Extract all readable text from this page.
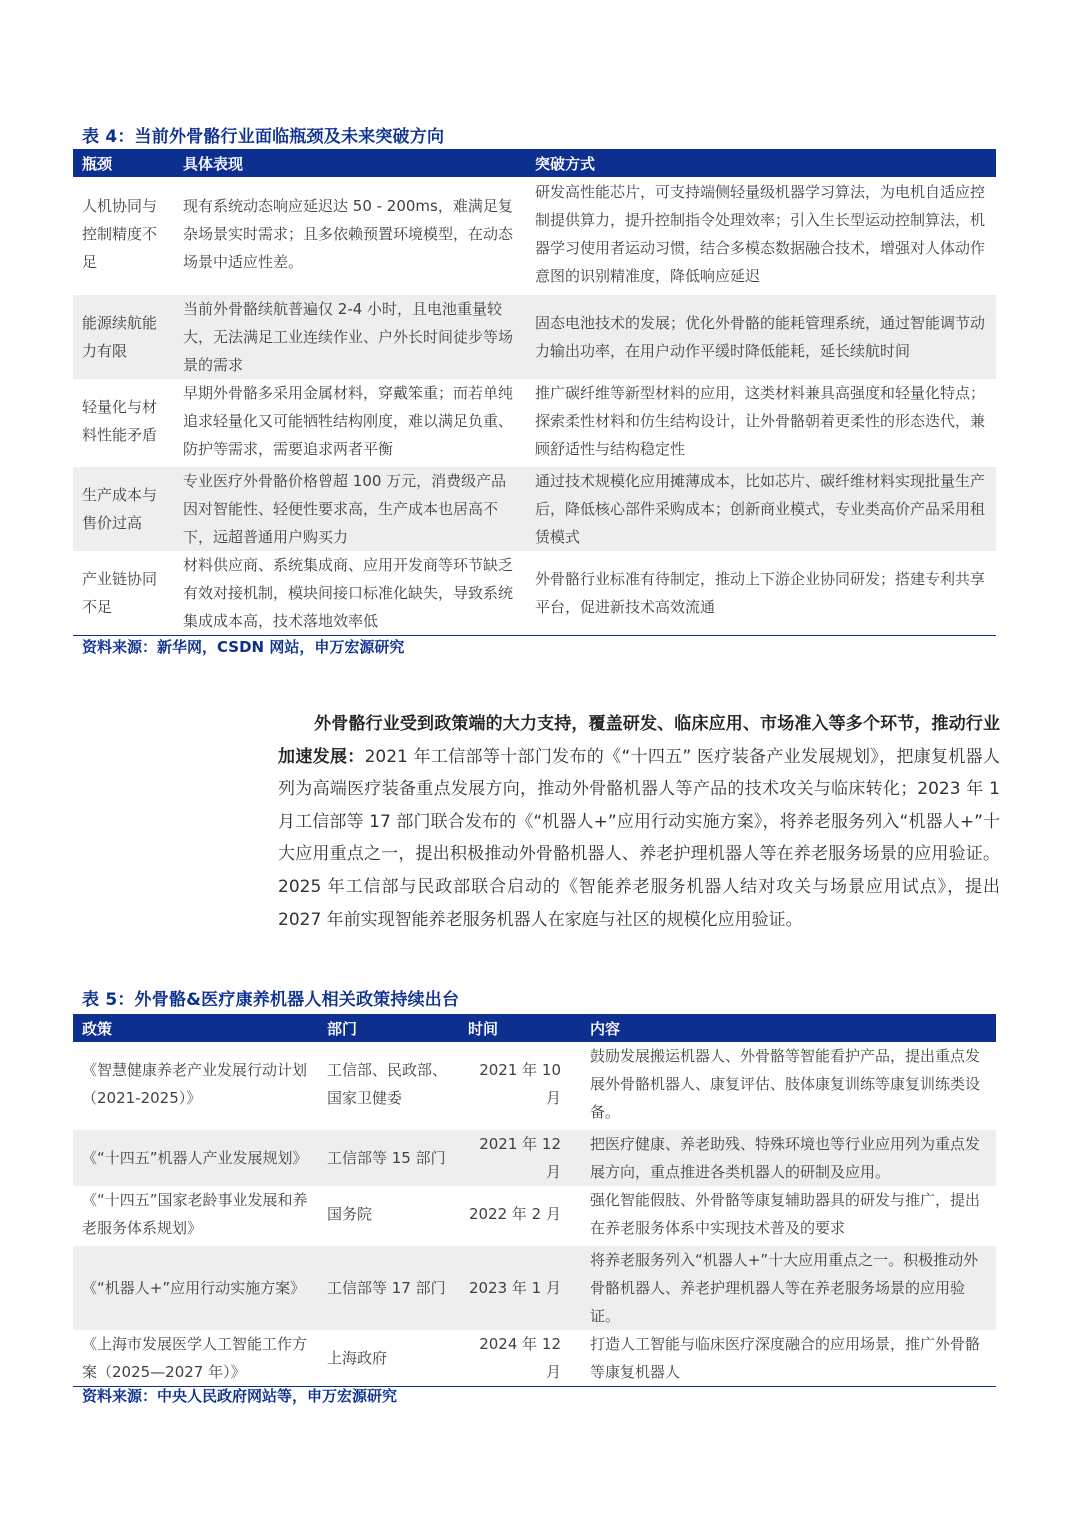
表 4：当前外骨骼行业面临瓶颈及未来突破方向
瓶颈	具体表现	突破方式
人机协同与控制精度不足	现有系统动态响应延迟达 50 - 200ms，难满足复杂场景实时需求；且多依赖预置环境模型，在动态场景中适应性差。	研发高性能芯片，可支持端侧轻量级机器学习算法，为电机自适应控制提供算力，提升控制指令处理效率；引入生长型运动控制算法，机器学习使用者运动习惯，结合多模态数据融合技术，增强对人体动作意图的识别精准度，降低响应延迟
能源续航能力有限	当前外骨骼续航普遍仅 2-4 小时，且电池重量较大，无法满足工业连续作业、户外长时间徒步等场景的需求	固态电池技术的发展；优化外骨骼的能耗管理系统，通过智能调节动力输出功率，在用户动作平缓时降低能耗，延长续航时间
轻量化与材料性能矛盾	早期外骨骼多采用金属材料，穿戴笨重；而若单纯追求轻量化又可能牺牲结构刚度，难以满足负重、防护等需求，需要追求两者平衡	推广碳纤维等新型材料的应用，这类材料兼具高强度和轻量化特点；探索柔性材料和仿生结构设计，让外骨骼朝着更柔性的形态迭代，兼顾舒适性与结构稳定性
生产成本与售价过高	专业医疗外骨骼价格曾超 100 万元，消费级产品因对智能性、轻便性要求高，生产成本也居高不下，远超普通用户购买力	通过技术规模化应用摊薄成本，比如芯片、碳纤维材料实现批量生产后，降低核心部件采购成本；创新商业模式，专业类高价产品采用租赁模式
产业链协同不足	材料供应商、系统集成商、应用开发商等环节缺乏有效对接机制，模块间接口标准化缺失，导致系统集成成本高，技术落地效率低	外骨骼行业标准有待制定，推动上下游企业协同研发；搭建专利共享平台，促进新技术高效流通
资料来源：新华网，CSDN 网站，申万宏源研究
外骨骼行业受到政策端的大力支持，覆盖研发、临床应用、市场准入等多个环节，推动行业加速发展：2021 年工信部等十部门发布的《“十四五” 医疗装备产业发展规划》，把康复机器人列为高端医疗装备重点发展方向，推动外骨骼机器人等产品的技术攻关与临床转化；2023 年 1 月工信部等 17 部门联合发布的《“机器人+”应用行动实施方案》，将养老服务列入“机器人+”十大应用重点之一，提出积极推动外骨骼机器人、养老护理机器人等在养老服务场景的应用验证。2025 年工信部与民政部联合启动的《智能养老服务机器人结对攻关与场景应用试点》，提出 2027 年前实现智能养老服务机器人在家庭与社区的规模化应用验证。
表 5：外骨骼&医疗康养机器人相关政策持续出台
政策	部门	时间	内容
《智慧健康养老产业发展行动计划（2021-2025）》	工信部、民政部、国家卫健委	2021 年 10 月	鼓励发展搬运机器人、外骨骼等智能看护产品，提出重点发展外骨骼机器人、康复评估、肢体康复训练等康复训练类设备。
《“十四五”机器人产业发展规划》	工信部等 15 部门	2021 年 12 月	把医疗健康、养老助残、特殊环境也等行业应用列为重点发展方向，重点推进各类机器人的研制及应用。
《“十四五”国家老龄事业发展和养老服务体系规划》	国务院	2022 年 2 月	强化智能假肢、外骨骼等康复辅助器具的研发与推广，提出在养老服务体系中实现技术普及的要求
《“机器人+”应用行动实施方案》	工信部等 17 部门	2023 年 1 月	将养老服务列入“机器人+”十大应用重点之一。积极推动外骨骼机器人、养老护理机器人等在养老服务场景的应用验证。
《上海市发展医学人工智能工作方案（2025—2027 年）》	上海政府	2024 年 12 月	打造人工智能与临床医疗深度融合的应用场景，推广外骨骼等康复机器人
资料来源：中央人民政府网站等，申万宏源研究
